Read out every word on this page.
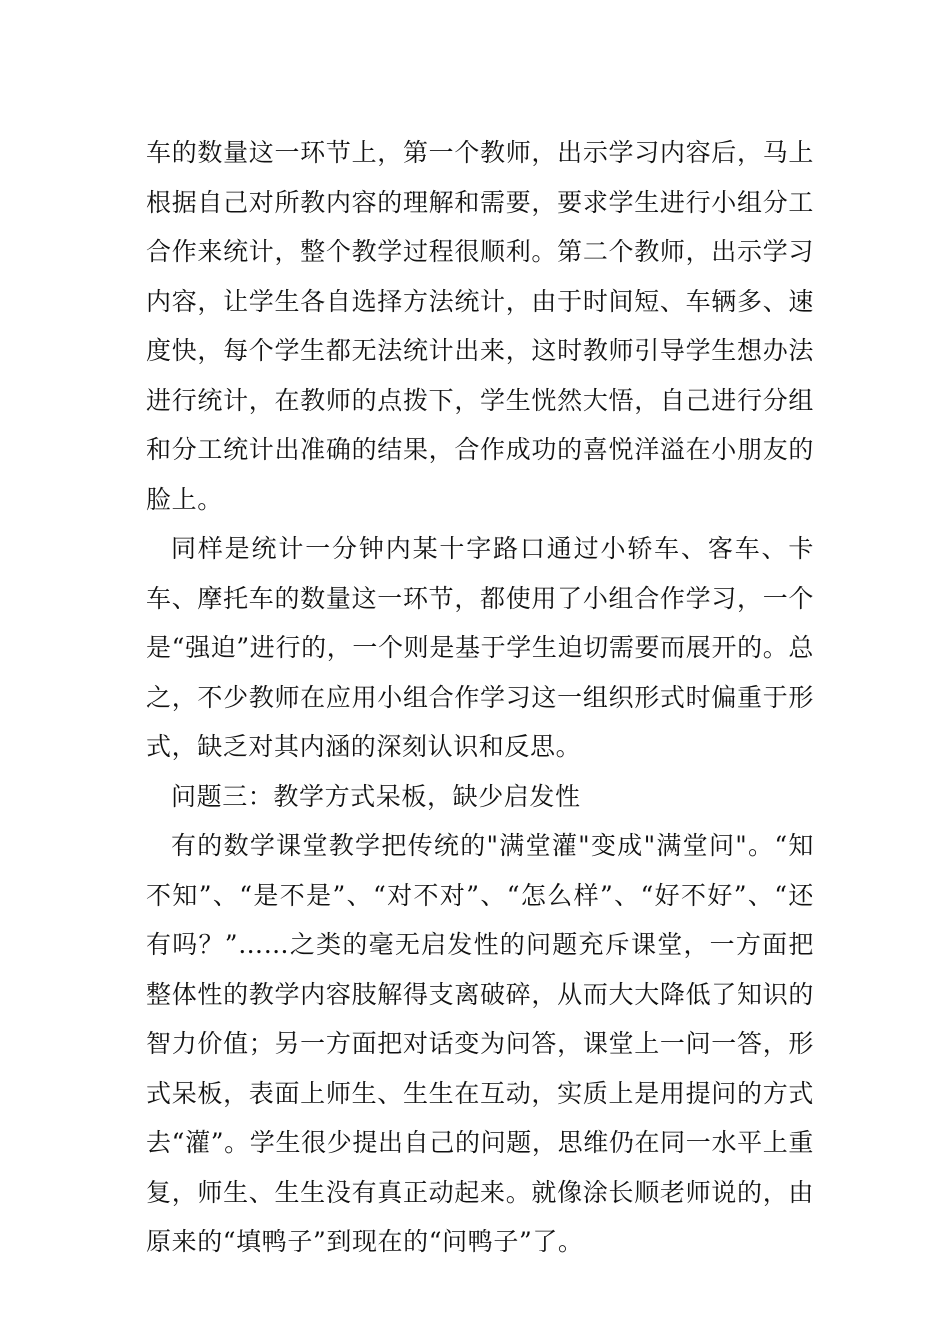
车的数量这一环节上，第一个教师，出示学习内容后，马上根据自己对所教内容的理解和需要，要求学生进行小组分工合作来统计，整个教学过程很顺利。第二个教师，出示学习内容，让学生各自选择方法统计，由于时间短、车辆多、速度快，每个学生都无法统计出来，这时教师引导学生想办法进行统计，在教师的点拨下，学生恍然大悟，自己进行分组和分工统计出准确的结果，合作成功的喜悦洋溢在小朋友的脸上。

同样是统计一分钟内某十字路口通过小轿车、客车、卡车、摩托车的数量这一环节，都使用了小组合作学习，一个是“强迫”进行的，一个则是基于学生迫切需要而展开的。总之，不少教师在应用小组合作学习这一组织形式时偏重于形式，缺乏对其内涵的深刻认识和反思。

问题三：教学方式呆板，缺少启发性

有的数学课堂教学把传统的"满堂灌"变成"满堂问"。“知不知”、“是不是”、“对不对”、“怎么样”、“好不好”、“还有吗？”……之类的毫无启发性的问题充斥课堂，一方面把整体性的教学内容肢解得支离破碎，从而大大降低了知识的智力价值；另一方面把对话变为问答，课堂上一问一答，形式呆板，表面上师生、生生在互动，实质上是用提问的方式去“灌”。学生很少提出自己的问题，思维仍在同一水平上重复，师生、生生没有真正动起来。就像涂长顺老师说的，由原来的“填鸭子”到现在的“问鸭子”了。
